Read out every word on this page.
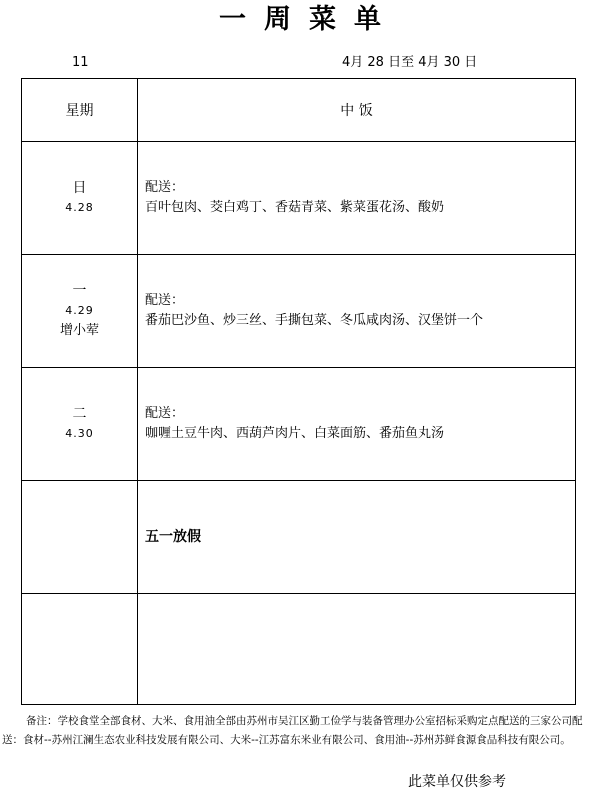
一周菜单
11	4月 28 日至 4月 30 日
星期	中 饭
日
4.28	配送：
百叶包肉、茭白鸡丁、香菇青菜、紫菜蛋花汤、酸奶

一
4.29
增小荤	配送：
番茄巴沙鱼、炒三丝、手撕包菜、冬瓜咸肉汤、汉堡饼一个

二
4.30	配送：
咖喱土豆牛肉、西葫芦肉片、白菜面筋、番茄鱼丸汤

	五一放假

备注：学校食堂全部食材、大米、食用油全部由苏州市吴江区勤工俭学与装备管理办公室招标采购定点配送的三家公司配送：食材--苏州江澜生态农业科技发展有限公司、大米--江苏富东米业有限公司、食用油--苏州苏鲜食源食品科技有限公司。
此菜单仅供参考
